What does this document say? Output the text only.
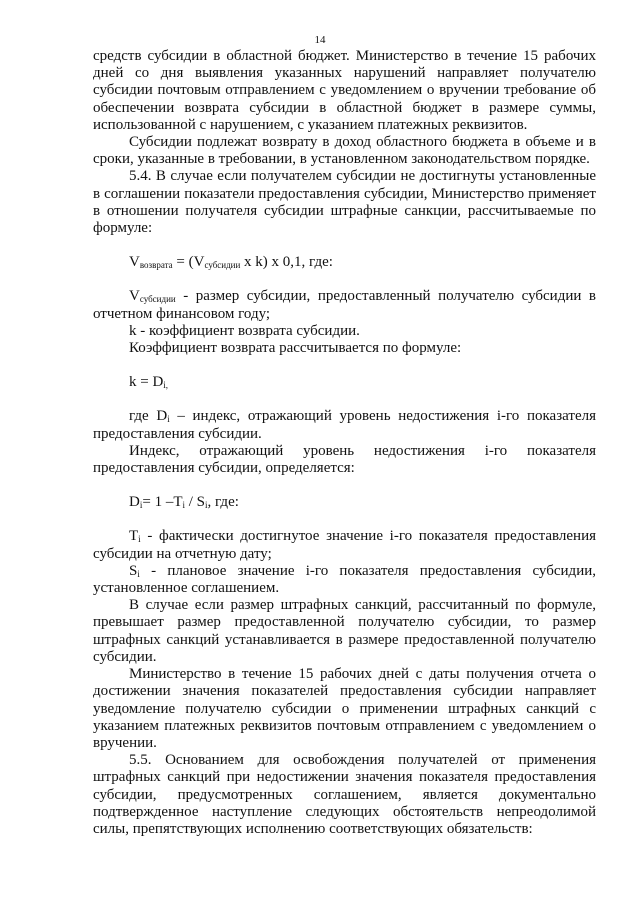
14

средств субсидии в областной бюджет. Министерство в течение 15 рабочих дней со дня выявления указанных нарушений направляет получателю субсидии почтовым отправлением с уведомлением о вручении требование об обеспечении возврата субсидии в областной бюджет в размере суммы, использованной с нарушением, с указанием платежных реквизитов.

Субсидии подлежат возврату в доход областного бюджета в объеме и в сроки, указанные в требовании, в установленном законодательством порядке.

5.4. В случае если получателем субсидии не достигнуты установленные в соглашении показатели предоставления субсидии, Министерство применяет в отношении получателя субсидии штрафные санкции, рассчитываемые по формуле:

$V_{возврата} = (V_{субсидии}$ x k) x 0,1, где:

$V_{субсидии}$ - размер субсидии, предоставленный получателю субсидии в отчетном финансовом году;

k - коэффициент возврата субсидии.

Коэффициент возврата рассчитывается по формуле:

$k = D_{i,}$

где $D_i$ – индекс, отражающий уровень недостижения i-го показателя предоставления субсидии.

Индекс, отражающий уровень недостижения i-го показателя предоставления субсидии, определяется:

$D_i= 1$ $-T_i / S_i$, где:

$T_i$ - фактически достигнутое значение i-го показателя предоставления субсидии на отчетную дату;

$S_i$ - плановое значение i-го показателя предоставления субсидии, установленное соглашением.

В случае если размер штрафных санкций, рассчитанный по формуле, превышает размер предоставленной получателю субсидии, то размер штрафных санкций устанавливается в размере предоставленной получателю субсидии.

Министерство в течение 15 рабочих дней с даты получения отчета о достижении значения показателей предоставления субсидии направляет уведомление получателю субсидии о применении штрафных санкций с указанием платежных реквизитов почтовым отправлением с уведомлением о вручении.

5.5. Основанием для освобождения получателей от применения штрафных санкций при недостижении значения показателя предоставления субсидии, предусмотренных соглашением, является документально подтвержденное наступление следующих обстоятельств непреодолимой силы, препятствующих исполнению соответствующих обязательств:
